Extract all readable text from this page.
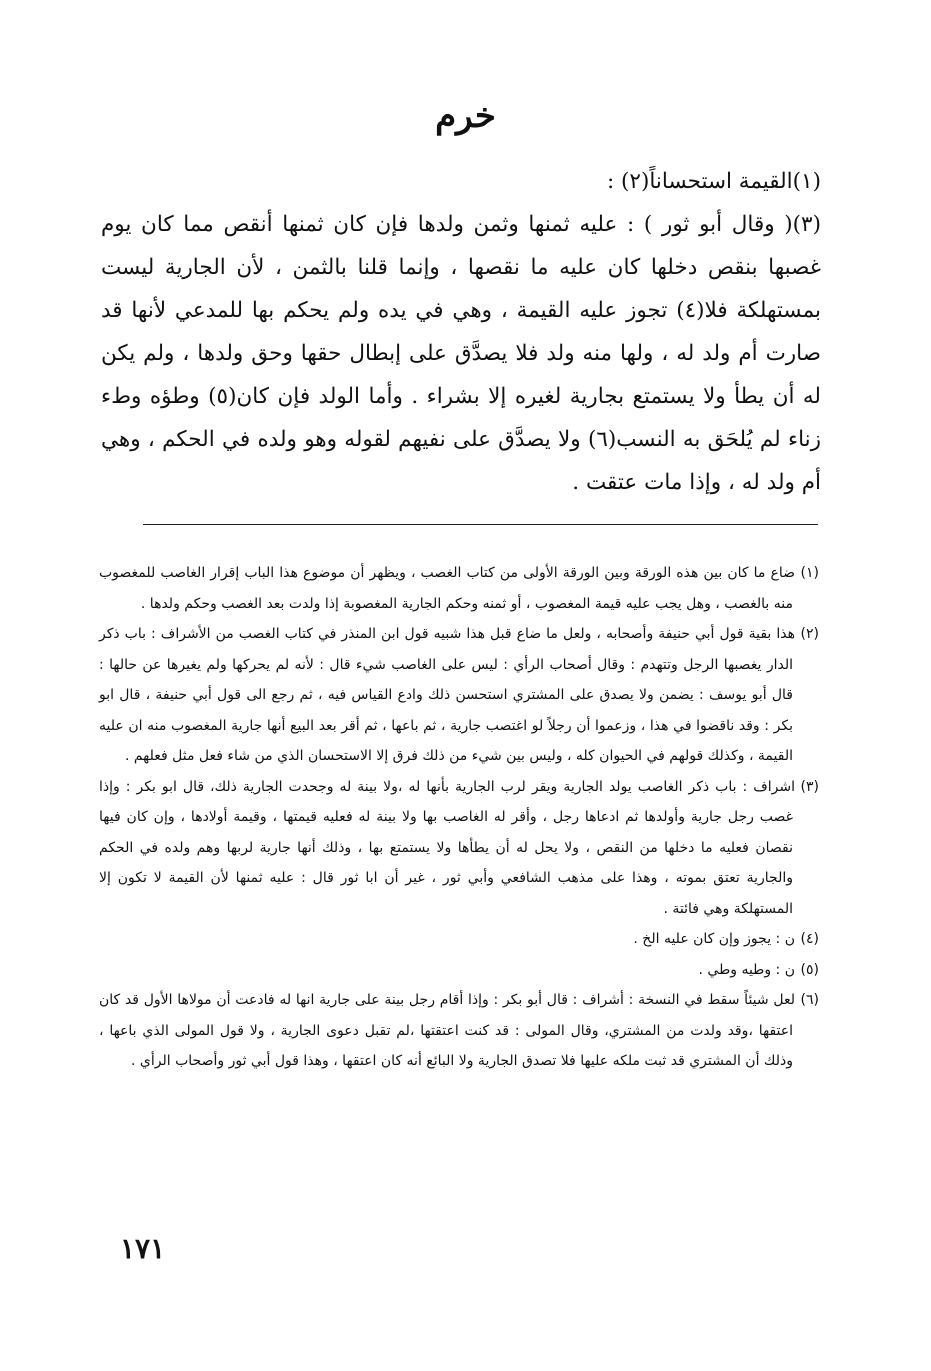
خرم

(١)القيمة استحساناً(٢) :

(٣)( وقال أبو ثور ) : عليه ثمنها وثمن ولدها فإن كان ثمنها أنقص مما كان يوم غصبها بنقص دخلها كان عليه ما نقصها ، وإنما قلنا بالثمن ، لأن الجارية ليست بمستهلكة فلا(٤) تجوز عليه القيمة ، وهي في يده ولم يحكم بها للمدعي لأنها قد صارت أم ولد له ، ولها منه ولد فلا يصدَّق على إبطال حقها وحق ولدها ، ولم يكن له أن يطأ ولا يستمتع بجارية لغيره إلا بشراء . وأما الولد فإن كان(٥) وطؤه وطء زناء لم يُلحَق به النسب(٦) ولا يصدَّق على نفيهم لقوله وهو ولده في الحكم ، وهي أم ولد له ، وإذا مات عتقت .

(١)ضاع ما كان بين هذه الورقة وبين الورقة الأولى من كتاب الغصب ، ويظهر أن موضوع هذا الباب إقرار الغاصب للمغصوب منه بالغصب ، وهل يجب عليه قيمة المغصوب ، أو ثمنه وحكم الجارية المغصوبة إذا ولدت بعد الغصب وحكم ولدها .

(٢)هذا بقية قول أبي حنيفة وأصحابه ، ولعل ما ضاع قبل هذا شبيه قول ابن المنذر في كتاب الغصب من الأشراف : باب ذكر الدار يغصبها الرجل وتتهدم : وقال أصحاب الرأي : ليس على الغاصب شيء قال : لأنه لم يحركها ولم يغيرها عن حالها : قال أبو يوسف : يضمن ولا يصدق على المشتري استحسن ذلك وادع القياس فيه ، ثم رجع الى قول أبي حنيفة ، قال ابو بكر : وقد ناقضوا في هذا ، وزعموا أن رجلاً لو اغتصب جارية ، ثم باعها ، ثم أقر بعد البيع أنها جارية المغصوب منه ان عليه القيمة ، وكذلك قولهم في الحيوان كله ، وليس بين شيء من ذلك فرق إلا الاستحسان الذي من شاء فعل مثل فعلهم .

(٣)اشراف : باب ذكر الغاصب يولد الجارية ويقر لرب الجارية بأنها له ،ولا بينة له وجحدت الجارية ذلك، قال ابو بكر : وإذا غصب رجل جارية وأولدها ثم ادعاها رجل ، وأقر له الغاصب بها ولا بينة له فعليه قيمتها ، وقيمة أولادها ، وإن كان فيها نقصان فعليه ما دخلها من النقص ، ولا يحل له أن يطأها ولا يستمتع بها ، وذلك أنها جارية لربها وهم ولده في الحكم والجارية تعتق بموته ، وهذا على مذهب الشافعي وأبي ثور ، غير أن ابا ثور قال : عليه ثمنها لأن القيمة لا تكون إلا المستهلكة وهي فائتة .

(٤)ن : يجوز وإن كان عليه الخ .

(٥)ن : وطيه وطي .

(٦)لعل شيئاً سقط في النسخة : أشراف : قال أبو بكر : وإذا أقام رجل بينة على جارية انها له فادعت أن مولاها الأول قد كان اعتقها ،وقد ولدت من المشتري، وقال المولى : قد كنت اعتقتها ،لم تقبل دعوى الجارية ، ولا قول المولى الذي باعها ، وذلك أن المشتري قد ثبت ملكه عليها فلا تصدق الجارية ولا البائع أنه كان اعتقها ، وهذا قول أبي ثور وأصحاب الرأي .

١٧١
